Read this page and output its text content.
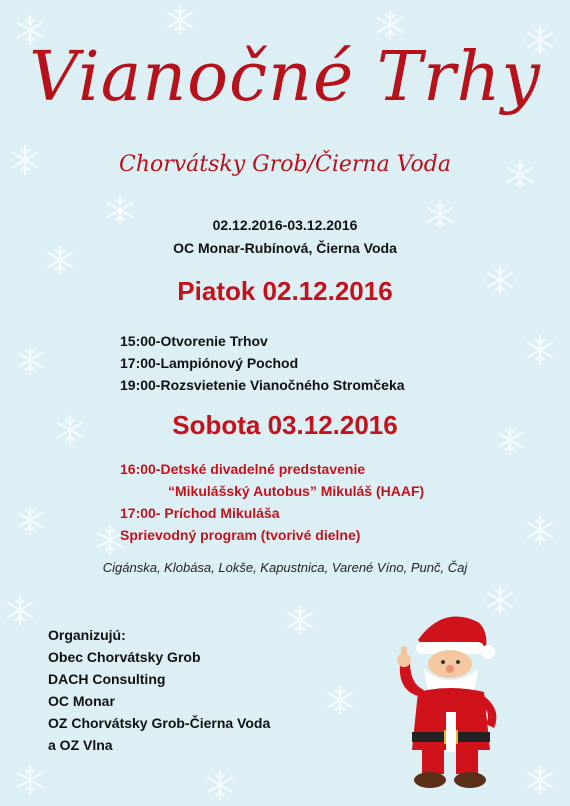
Vianočné Trhy
Chorvátsky Grob/Čierna Voda
02.12.2016-03.12.2016
OC Monar-Rubínová, Čierna Voda
Piatok 02.12.2016
15:00-Otvorenie Trhov
17:00-Lampiónový Pochod
19:00-Rozsvietenie Vianočného Stromčeka
Sobota 03.12.2016
16:00-Detské divadelné predstavenie
“Mikulášský Autobus” Mikuláš (HAAF)
17:00- Príchod Mikuláša
Sprievodný program (tvorivé dielne)
Cigánska, Klobása, Lokše, Kapustnica, Varené Víno, Punč, Čaj
Organizujú:
Obec Chorvátsky Grob
DACH Consulting
OC Monar
OZ Chorvátsky Grob-Čierna Voda
a OZ Vlna
